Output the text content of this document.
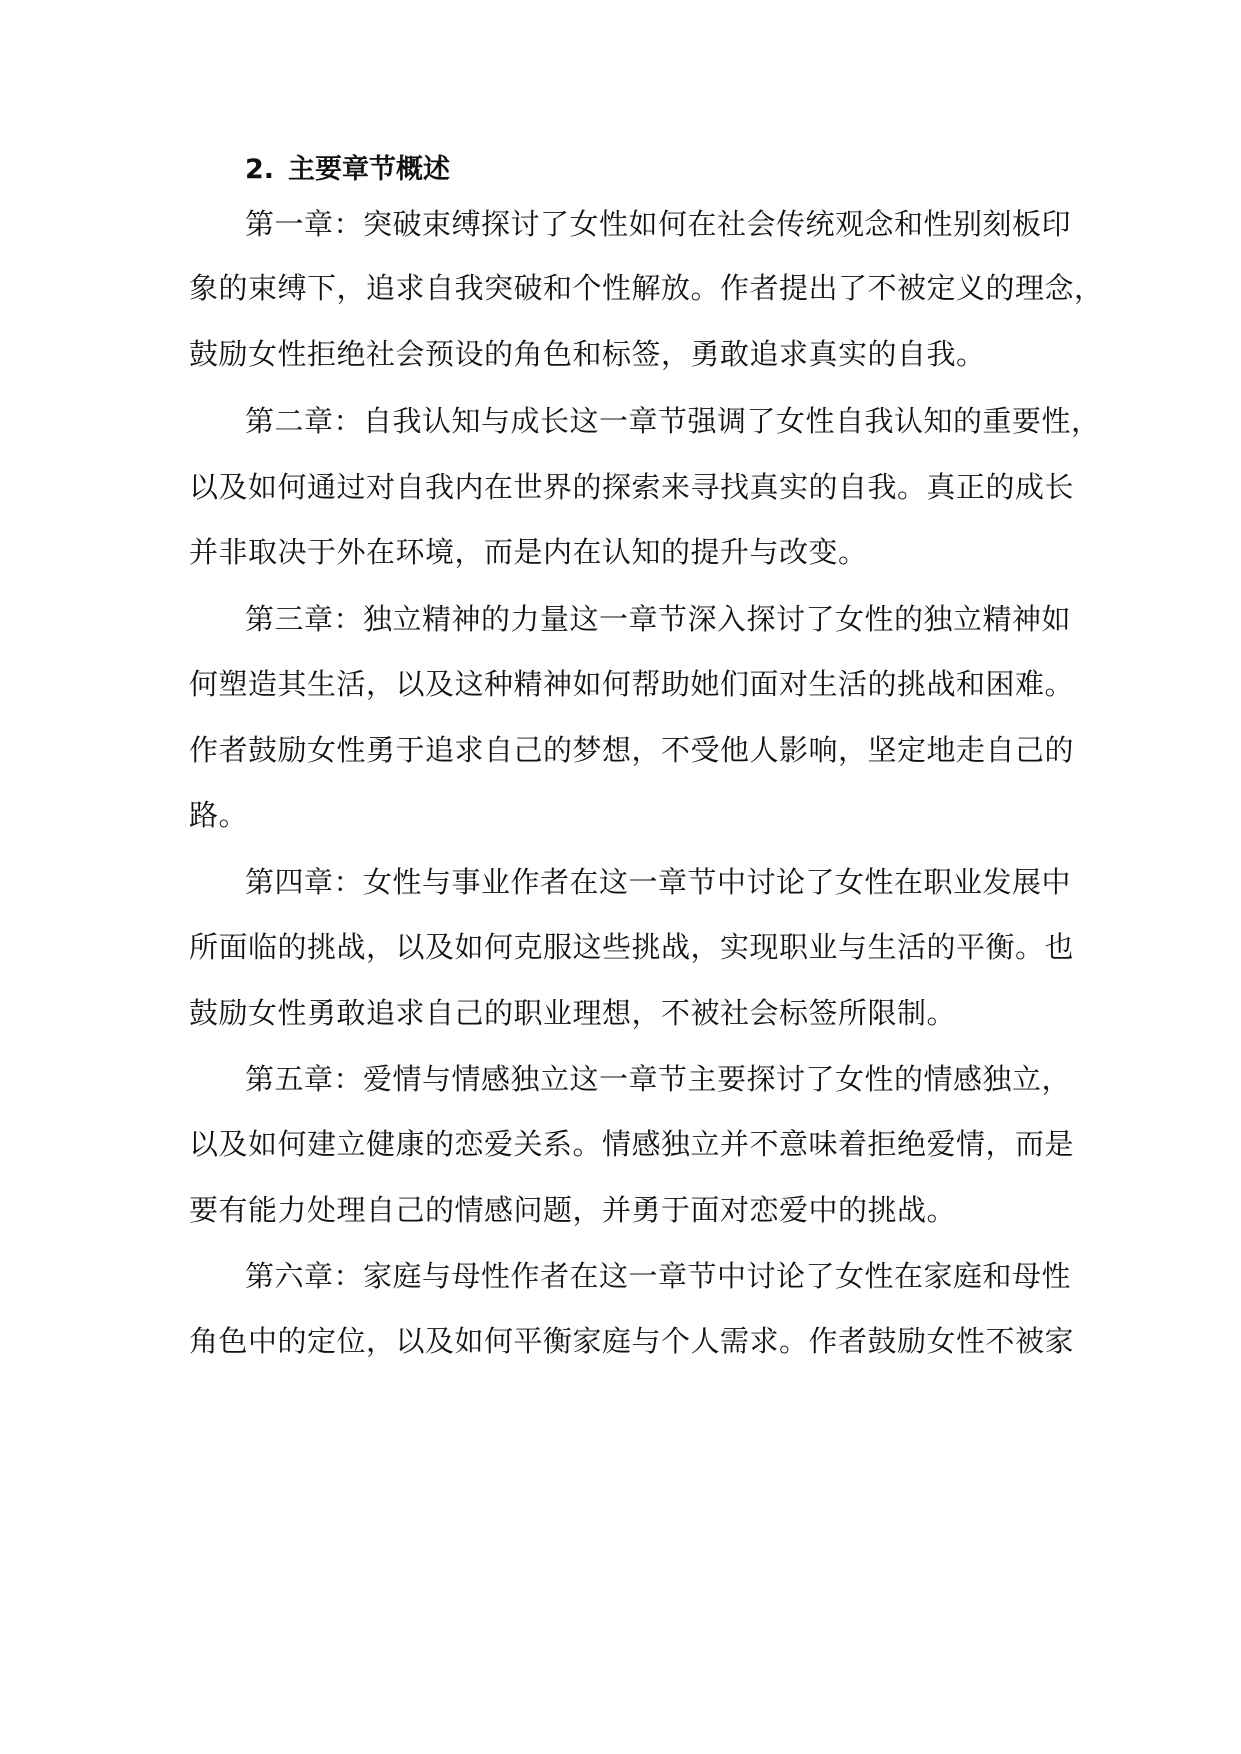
2. 主要章节概述
第一章：突破束缚探讨了女性如何在社会传统观念和性别刻板印
象的束缚下，追求自我突破和个性解放。作者提出了不被定义的理念，
鼓励女性拒绝社会预设的角色和标签，勇敢追求真实的自我。
第二章：自我认知与成长这一章节强调了女性自我认知的重要性，
以及如何通过对自我内在世界的探索来寻找真实的自我。真正的成长
并非取决于外在环境，而是内在认知的提升与改变。
第三章：独立精神的力量这一章节深入探讨了女性的独立精神如
何塑造其生活，以及这种精神如何帮助她们面对生活的挑战和困难。
作者鼓励女性勇于追求自己的梦想，不受他人影响，坚定地走自己的
路。
第四章：女性与事业作者在这一章节中讨论了女性在职业发展中
所面临的挑战，以及如何克服这些挑战，实现职业与生活的平衡。也
鼓励女性勇敢追求自己的职业理想，不被社会标签所限制。
第五章：爱情与情感独立这一章节主要探讨了女性的情感独立，
以及如何建立健康的恋爱关系。情感独立并不意味着拒绝爱情，而是
要有能力处理自己的情感问题，并勇于面对恋爱中的挑战。
第六章：家庭与母性作者在这一章节中讨论了女性在家庭和母性
角色中的定位，以及如何平衡家庭与个人需求。作者鼓励女性不被家
